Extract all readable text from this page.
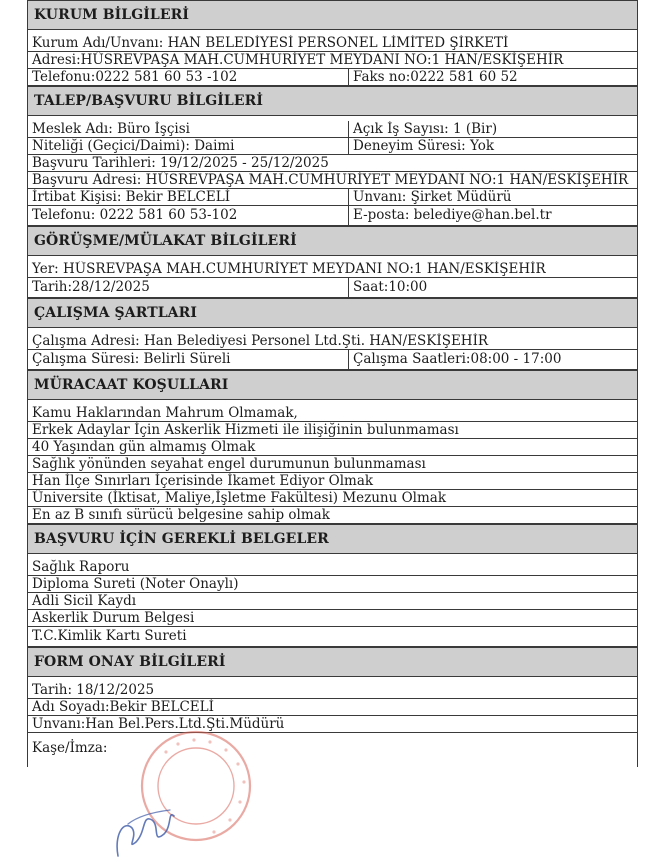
KURUM BİLGİLERİ
Kurum Adı/Unvanı: HAN BELEDİYESİ PERSONEL LİMİTED ŞİRKETİ
Adresi:HÜSREVPAŞA MAH.CUMHURİYET MEYDANI NO:1 HAN/ESKİŞEHİR
Telefonu:0222 581 60 53 -102	Faks no:0222 581 60 52
TALEP/BAŞVURU BİLGİLERİ
Meslek Adı: Büro İşçisi	Açık İş Sayısı: 1 (Bir)
Niteliği (Geçici/Daimi): Daimi	Deneyim Süresi: Yok
Başvuru Tarihleri: 19/12/2025 - 25/12/2025
Başvuru Adresi: HÜSREVPAŞA MAH.CUMHURİYET MEYDANI NO:1 HAN/ESKİŞEHİR
İrtibat Kişisi: Bekir BELCELİ	Unvanı: Şirket Müdürü
Telefonu: 0222 581 60 53-102	E-posta: belediye@han.bel.tr
GÖRÜŞME/MÜLAKAT BİLGİLERİ
Yer: HÜSREVPAŞA MAH.CUMHURİYET MEYDANI NO:1 HAN/ESKİŞEHİR
Tarih:28/12/2025	Saat:10:00
ÇALIŞMA ŞARTLARI
Çalışma Adresi: Han Belediyesi Personel Ltd.Şti. HAN/ESKİŞEHİR
Çalışma Süresi: Belirli Süreli	Çalışma Saatleri:08:00 - 17:00
MÜRACAAT KOŞULLARI
Kamu Haklarından Mahrum Olmamak,
Erkek Adaylar İçin Askerlik Hizmeti ile ilişiğinin bulunmaması
40 Yaşından gün almamış Olmak
Sağlık yönünden seyahat engel durumunun bulunmaması
Han İlçe Sınırları İçerisinde İkamet Ediyor Olmak
Üniversite (İktisat, Maliye,İşletme Fakültesi) Mezunu Olmak
En az B sınıfı sürücü belgesine sahip olmak
BAŞVURU İÇİN GEREKLİ BELGELER
Sağlık Raporu
Diploma Sureti (Noter Onaylı)
Adli Sicil Kaydı
Askerlik Durum Belgesi
T.C.Kimlik Kartı Sureti
FORM ONAY BİLGİLERİ
Tarih: 18/12/2025
Adı Soyadı:Bekir BELCELİ
Unvanı:Han Bel.Pers.Ltd.Şti.Müdürü
Kaşe/İmza:
